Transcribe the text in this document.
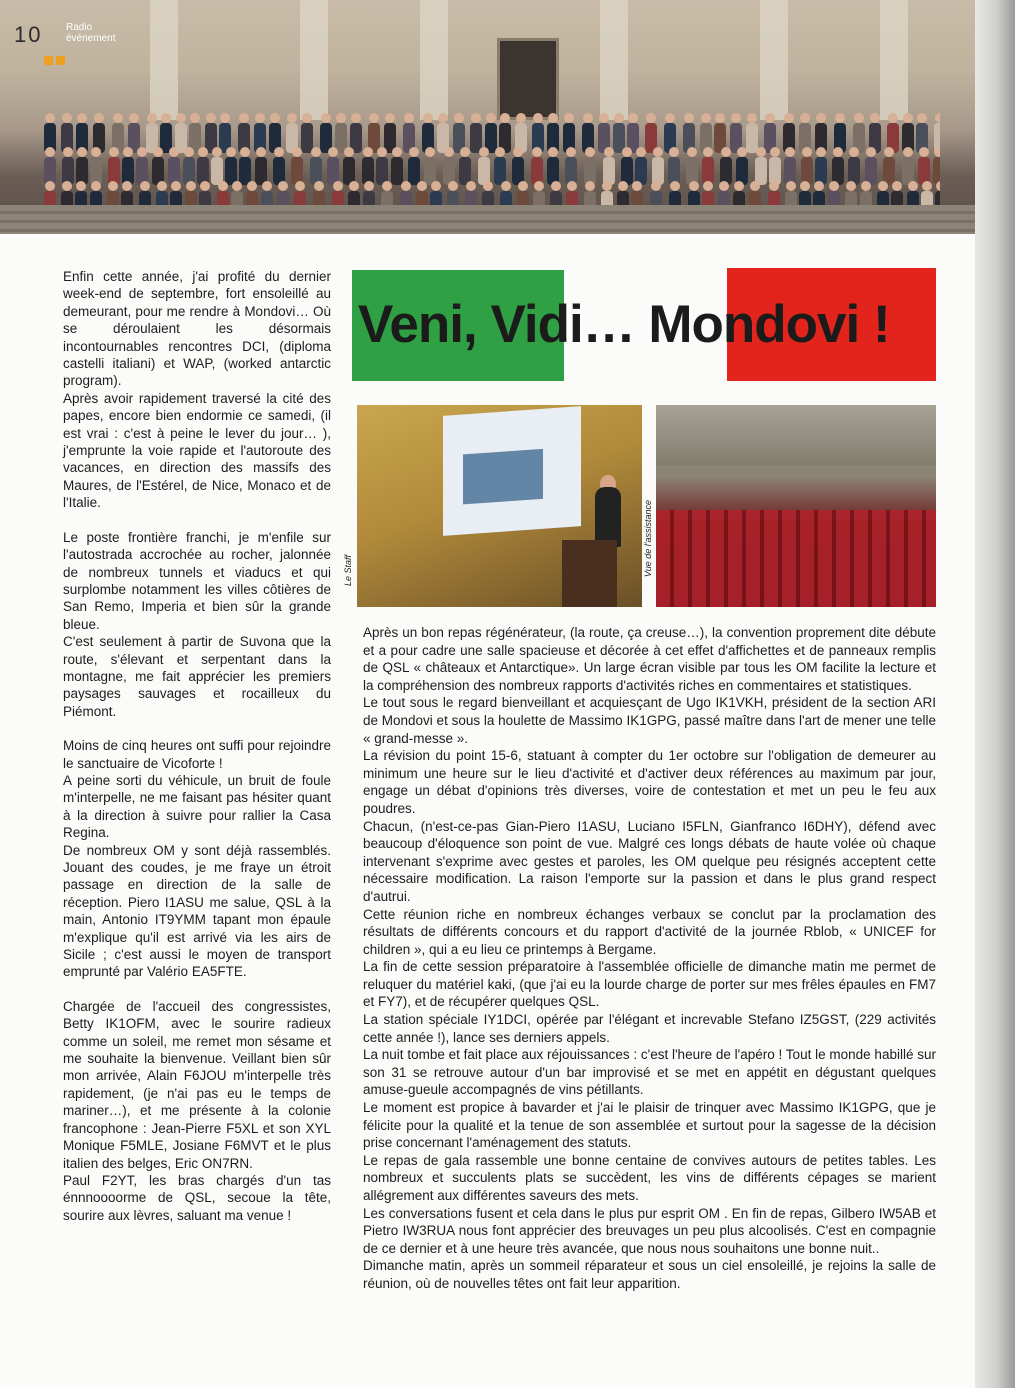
10 Radio
événement
Veni, Vidi… Mondovi !
Le Staff	Vue de l'assistance

Enfin cette année, j'ai profité du dernier week-end de septembre, fort ensoleillé au demeurant, pour me rendre à Mondovi… Où se déroulaient les désormais incontournables rencontres DCI, (diploma castelli italiani) et WAP, (worked antarctic program).

Après avoir rapidement traversé la cité des papes, encore bien endormie ce samedi, (il est vrai : c'est à peine le lever du jour… ), j'emprunte la voie rapide et l'autoroute des vacances, en direction des massifs des Maures, de l'Estérel, de Nice, Monaco et de l'Italie.

Le poste frontière franchi, je m'enfile sur l'autostrada accrochée au rocher, jalonnée de nombreux tunnels et viaducs et qui surplombe notamment les villes côtières de San Remo, Imperia et bien sûr la grande bleue.

C'est seulement à partir de Suvona que la route, s'élevant et serpentant dans la montagne, me fait apprécier les premiers paysages sauvages et rocailleux du Piémont.

Moins de cinq heures ont suffi pour rejoindre le sanctuaire de Vicoforte !

A peine sorti du véhicule, un bruit de foule m'interpelle, ne me faisant pas hésiter quant à la direction à suivre pour rallier la Casa Regina.

De nombreux OM y sont déjà rassemblés. Jouant des coudes, je me fraye un étroit passage en direction de la salle de réception. Piero I1ASU me salue, QSL à la main, Antonio IT9YMM tapant mon épaule m'explique qu'il est arrivé via les airs de Sicile ; c'est aussi le moyen de transport emprunté par Valério EA5FTE.

Chargée de l'accueil des congressistes, Betty IK1OFM, avec le sourire radieux comme un soleil, me remet mon sésame et me souhaite la bienvenue. Veillant bien sûr mon arrivée, Alain F6JOU m'interpelle très rapidement, (je n'ai pas eu le temps de mariner…), et me présente à la colonie francophone : Jean-Pierre F5XL et son XYL Monique F5MLE, Josiane F6MVT et le plus italien des belges, Eric ON7RN.

Paul F2YT, les bras chargés d'un tas énnnoooorme de QSL, secoue la tête, sourire aux lèvres, saluant ma venue !

Après un bon repas régénérateur, (la route, ça creuse…), la convention proprement dite débute et a pour cadre une salle spacieuse et décorée à cet effet d'affichettes et de panneaux remplis de QSL « châteaux et Antarctique». Un large écran visible par tous les OM facilite la lecture et la compréhension des nombreux rapports d'activités riches en commentaires et statistiques.

Le tout sous le regard bienveillant et acquiesçant de Ugo IK1VKH, président de la section ARI de Mondovi et sous la houlette de Massimo IK1GPG, passé maître dans l'art de mener une telle « grand-messe ».

La révision du point 15-6, statuant à compter du 1er octobre sur l'obligation de demeurer au minimum une heure sur le lieu d'activité et d'activer deux références au maximum par jour, engage un débat d'opinions très diverses, voire de contestation et met un peu le feu aux poudres.

Chacun, (n'est-ce-pas Gian-Piero I1ASU, Luciano I5FLN, Gianfranco I6DHY), défend avec beaucoup d'éloquence son point de vue. Malgré ces longs débats de haute volée où chaque intervenant s'exprime avec gestes et paroles, les OM quelque peu résignés acceptent cette nécessaire modification. La raison l'emporte sur la passion et dans le plus grand respect d'autrui.

Cette réunion riche en nombreux échanges verbaux se conclut par la proclamation des résultats de différents concours et du rapport d'activité de la journée Rblob, « UNICEF for children », qui a eu lieu ce printemps à Bergame.

La fin de cette session préparatoire à l'assemblée officielle de dimanche matin me permet de reluquer du matériel kaki, (que j'ai eu la lourde charge de porter sur mes frêles épaules en FM7 et FY7), et de récupérer quelques QSL.

La station spéciale IY1DCI, opérée par l'élégant et increvable Stefano IZ5GST, (229 activités cette année !), lance ses derniers appels.

La nuit tombe et fait place aux réjouissances : c'est l'heure de l'apéro ! Tout le monde habillé sur son 31 se retrouve autour d'un bar improvisé et se met en appétit en dégustant quelques amuse-gueule accompagnés de vins pétillants.

Le moment est propice à bavarder et j'ai le plaisir de trinquer avec Massimo IK1GPG, que je félicite pour la qualité et la tenue de son assemblée et surtout pour la sagesse de la décision prise concernant l'aménagement des statuts.

Le repas de gala rassemble une bonne centaine de convives autours de petites tables. Les nombreux et succulents plats se succèdent, les vins de différents cépages se marient allégrement aux différentes saveurs des mets.

Les conversations fusent et cela dans le plus pur esprit OM . En fin de repas, Gilbero IW5AB et Pietro IW3RUA nous font apprécier des breuvages un peu plus alcoolisés. C'est en compagnie de ce dernier et à une heure très avancée, que nous nous souhaitons une bonne nuit..

Dimanche matin, après un sommeil réparateur et sous un ciel ensoleillé, je rejoins la salle de réunion, où de nouvelles têtes ont fait leur apparition.
